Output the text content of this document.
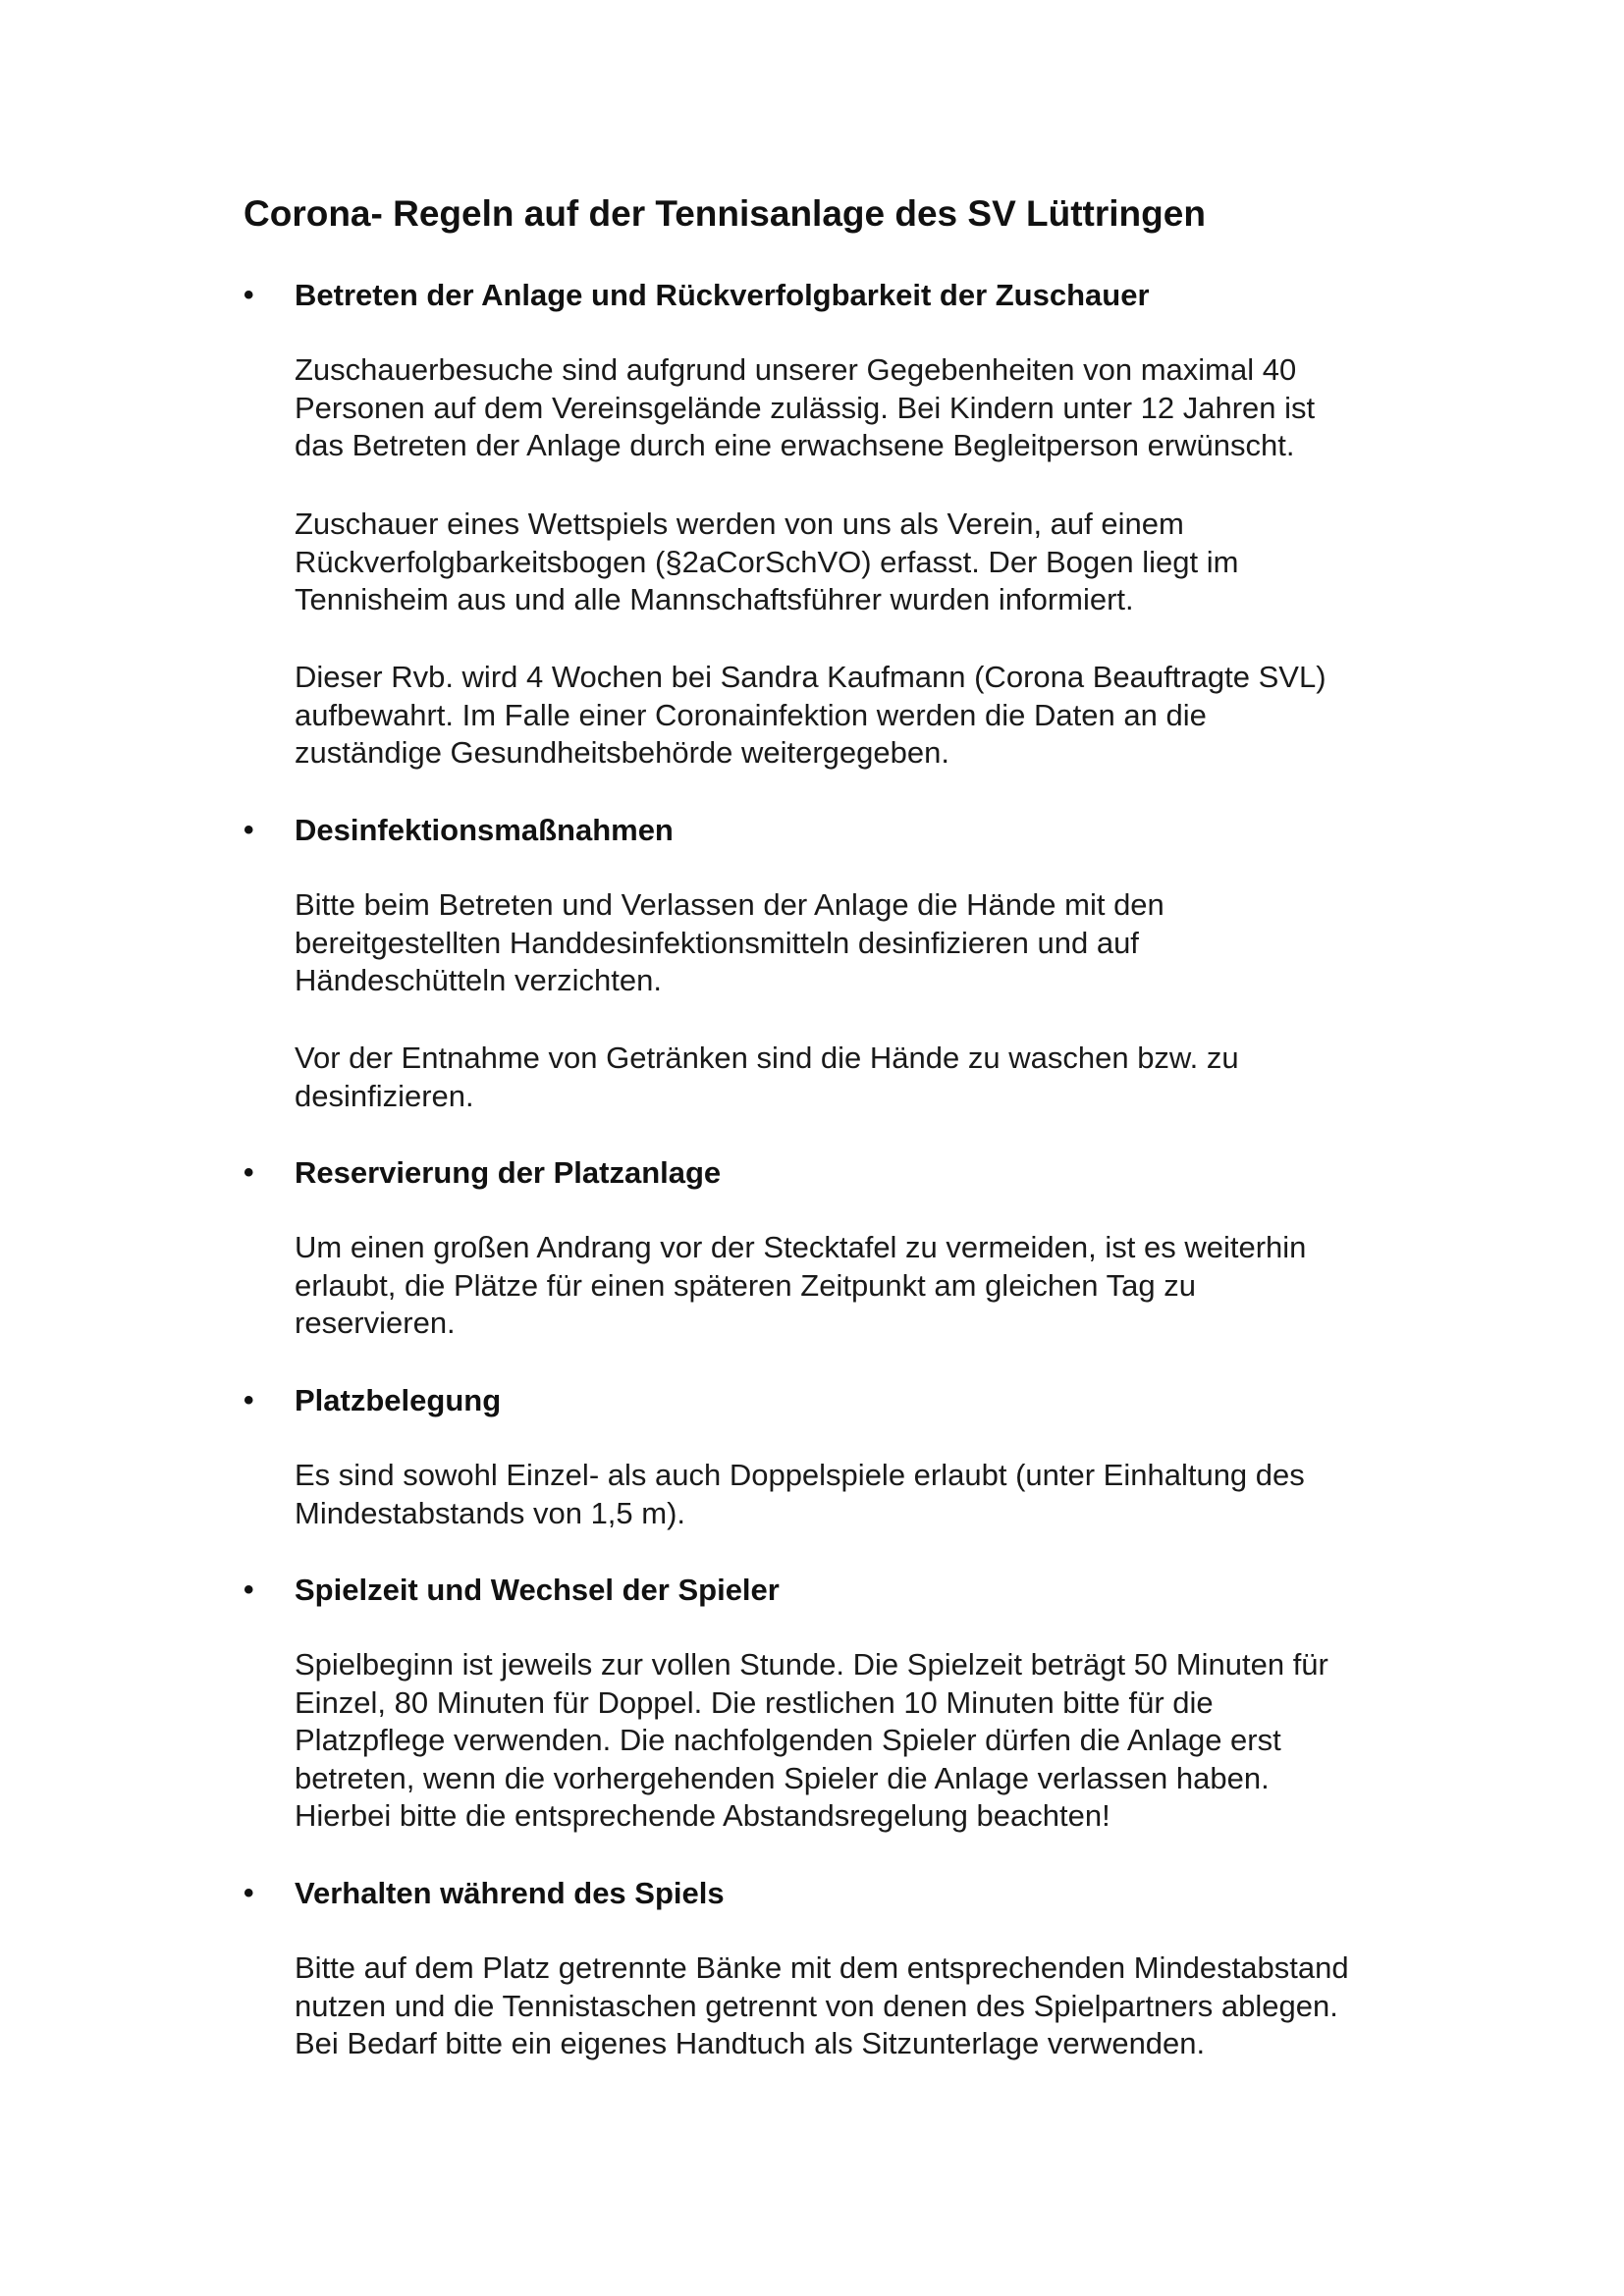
Corona- Regeln auf der Tennisanlage des SV Lüttringen
•	Betreten der Anlage und Rückverfolgbarkeit der Zuschauer

Zuschauerbesuche sind aufgrund unserer Gegebenheiten von maximal 40
Personen auf dem Vereinsgelände zulässig. Bei Kindern unter 12 Jahren ist
das Betreten der Anlage durch eine erwachsene Begleitperson erwünscht.

Zuschauer eines Wettspiels werden von uns als Verein, auf einem
Rückverfolgbarkeitsbogen (§2aCorSchVO) erfasst. Der Bogen liegt im
Tennisheim aus und alle Mannschaftsführer wurden informiert.

Dieser Rvb. wird 4 Wochen bei Sandra Kaufmann (Corona Beauftragte SVL)
aufbewahrt. Im Falle einer Coronainfektion werden die Daten an die
zuständige Gesundheitsbehörde weitergegeben.

•	Desinfektionsmaßnahmen

Bitte beim Betreten und Verlassen der Anlage die Hände mit den
bereitgestellten Handdesinfektionsmitteln desinfizieren und auf
Händeschütteln verzichten.

Vor der Entnahme von Getränken sind die Hände zu waschen bzw. zu
desinfizieren.

•	Reservierung der Platzanlage

Um einen großen Andrang vor der Stecktafel zu vermeiden, ist es weiterhin
erlaubt, die Plätze für einen späteren Zeitpunkt am gleichen Tag zu
reservieren.

•	Platzbelegung

Es sind sowohl Einzel- als auch Doppelspiele erlaubt (unter Einhaltung des
Mindestabstands von 1,5 m).

•	Spielzeit und Wechsel der Spieler

Spielbeginn ist jeweils zur vollen Stunde. Die Spielzeit beträgt 50 Minuten für
Einzel, 80 Minuten für Doppel. Die restlichen 10 Minuten bitte für die
Platzpflege verwenden. Die nachfolgenden Spieler dürfen die Anlage erst
betreten, wenn die vorhergehenden Spieler die Anlage verlassen haben.
Hierbei bitte die entsprechende Abstandsregelung beachten!

•	Verhalten während des Spiels

Bitte auf dem Platz getrennte Bänke mit dem entsprechenden Mindestabstand
nutzen und die Tennistaschen getrennt von denen des Spielpartners ablegen.
Bei Bedarf bitte ein eigenes Handtuch als Sitzunterlage verwenden.
